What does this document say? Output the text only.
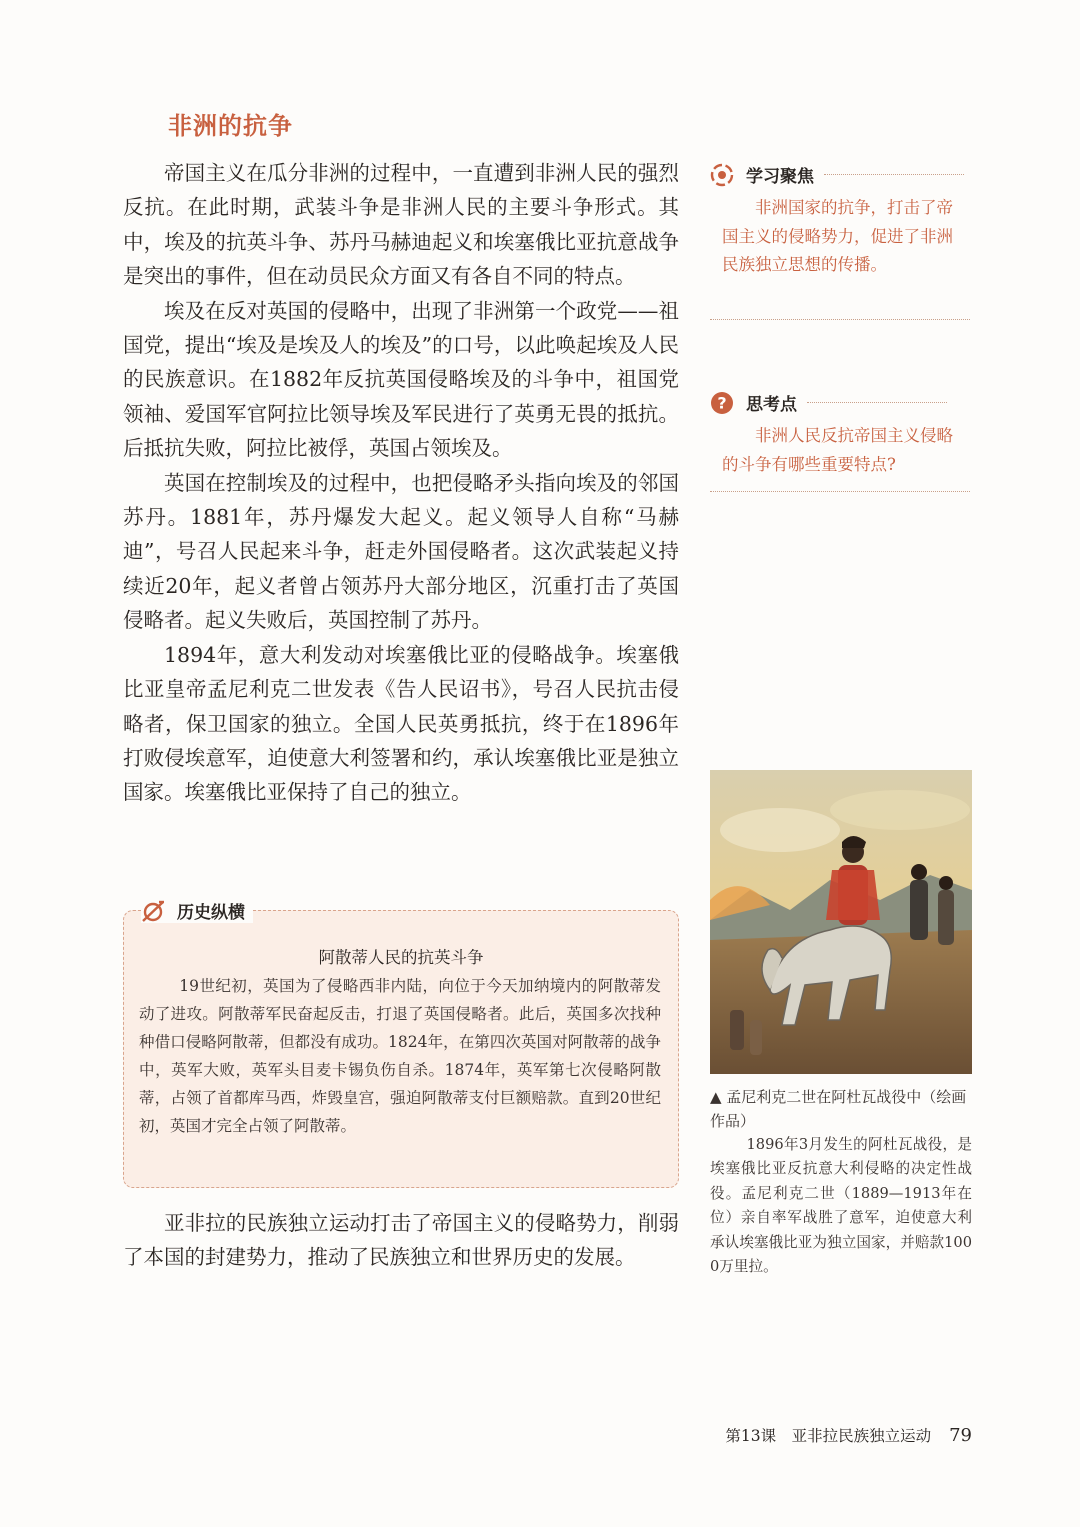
非洲的抗争

帝国主义在瓜分非洲的过程中，一直遭到非洲人民的强烈反抗。在此时期，武装斗争是非洲人民的主要斗争形式。其中，埃及的抗英斗争、苏丹马赫迪起义和埃塞俄比亚抗意战争是突出的事件，但在动员民众方面又有各自不同的特点。

埃及在反对英国的侵略中，出现了非洲第一个政党——祖国党，提出“埃及是埃及人的埃及”的口号，以此唤起埃及人民的民族意识。在1882年反抗英国侵略埃及的斗争中，祖国党领袖、爱国军官阿拉比领导埃及军民进行了英勇无畏的抵抗。后抵抗失败，阿拉比被俘，英国占领埃及。

英国在控制埃及的过程中，也把侵略矛头指向埃及的邻国苏丹。1881年，苏丹爆发大起义。起义领导人自称“马赫迪”，号召人民起来斗争，赶走外国侵略者。这次武装起义持续近20年，起义者曾占领苏丹大部分地区，沉重打击了英国侵略者。起义失败后，英国控制了苏丹。

1894年，意大利发动对埃塞俄比亚的侵略战争。埃塞俄比亚皇帝孟尼利克二世发表《告人民诏书》，号召人民抗击侵略者，保卫国家的独立。全国人民英勇抵抗，终于在1896年打败侵埃意军，迫使意大利签署和约，承认埃塞俄比亚是独立国家。埃塞俄比亚保持了自己的独立。

学习聚焦
非洲国家的抗争，打击了帝国主义的侵略势力，促进了非洲民族独立思想的传播。
? 思考点
非洲人民反抗帝国主义侵略的斗争有哪些重要特点?
历史纵横
阿散蒂人民的抗英斗争
19世纪初，英国为了侵略西非内陆，向位于今天加纳境内的阿散蒂发动了进攻。阿散蒂军民奋起反击，打退了英国侵略者。此后，英国多次找种种借口侵略阿散蒂，但都没有成功。1824年，在第四次英国对阿散蒂的战争中，英军大败，英军头目麦卡锡负伤自杀。1874年，英军第七次侵略阿散蒂，占领了首都库马西，炸毁皇宫，强迫阿散蒂支付巨额赔款。直到20世纪初，英国才完全占领了阿散蒂。
亚非拉的民族独立运动打击了帝国主义的侵略势力，削弱了本国的封建势力，推动了民族独立和世界历史的发展。
▲ 孟尼利克二世在阿杜瓦战役中（绘画作品）
1896年3月发生的阿杜瓦战役，是埃塞俄比亚反抗意大利侵略的决定性战役。孟尼利克二世（1889—1913年在位）亲自率军战胜了意军，迫使意大利承认埃塞俄比亚为独立国家，并赔款1000万里拉。
第13课　亚非拉民族独立运动 79
